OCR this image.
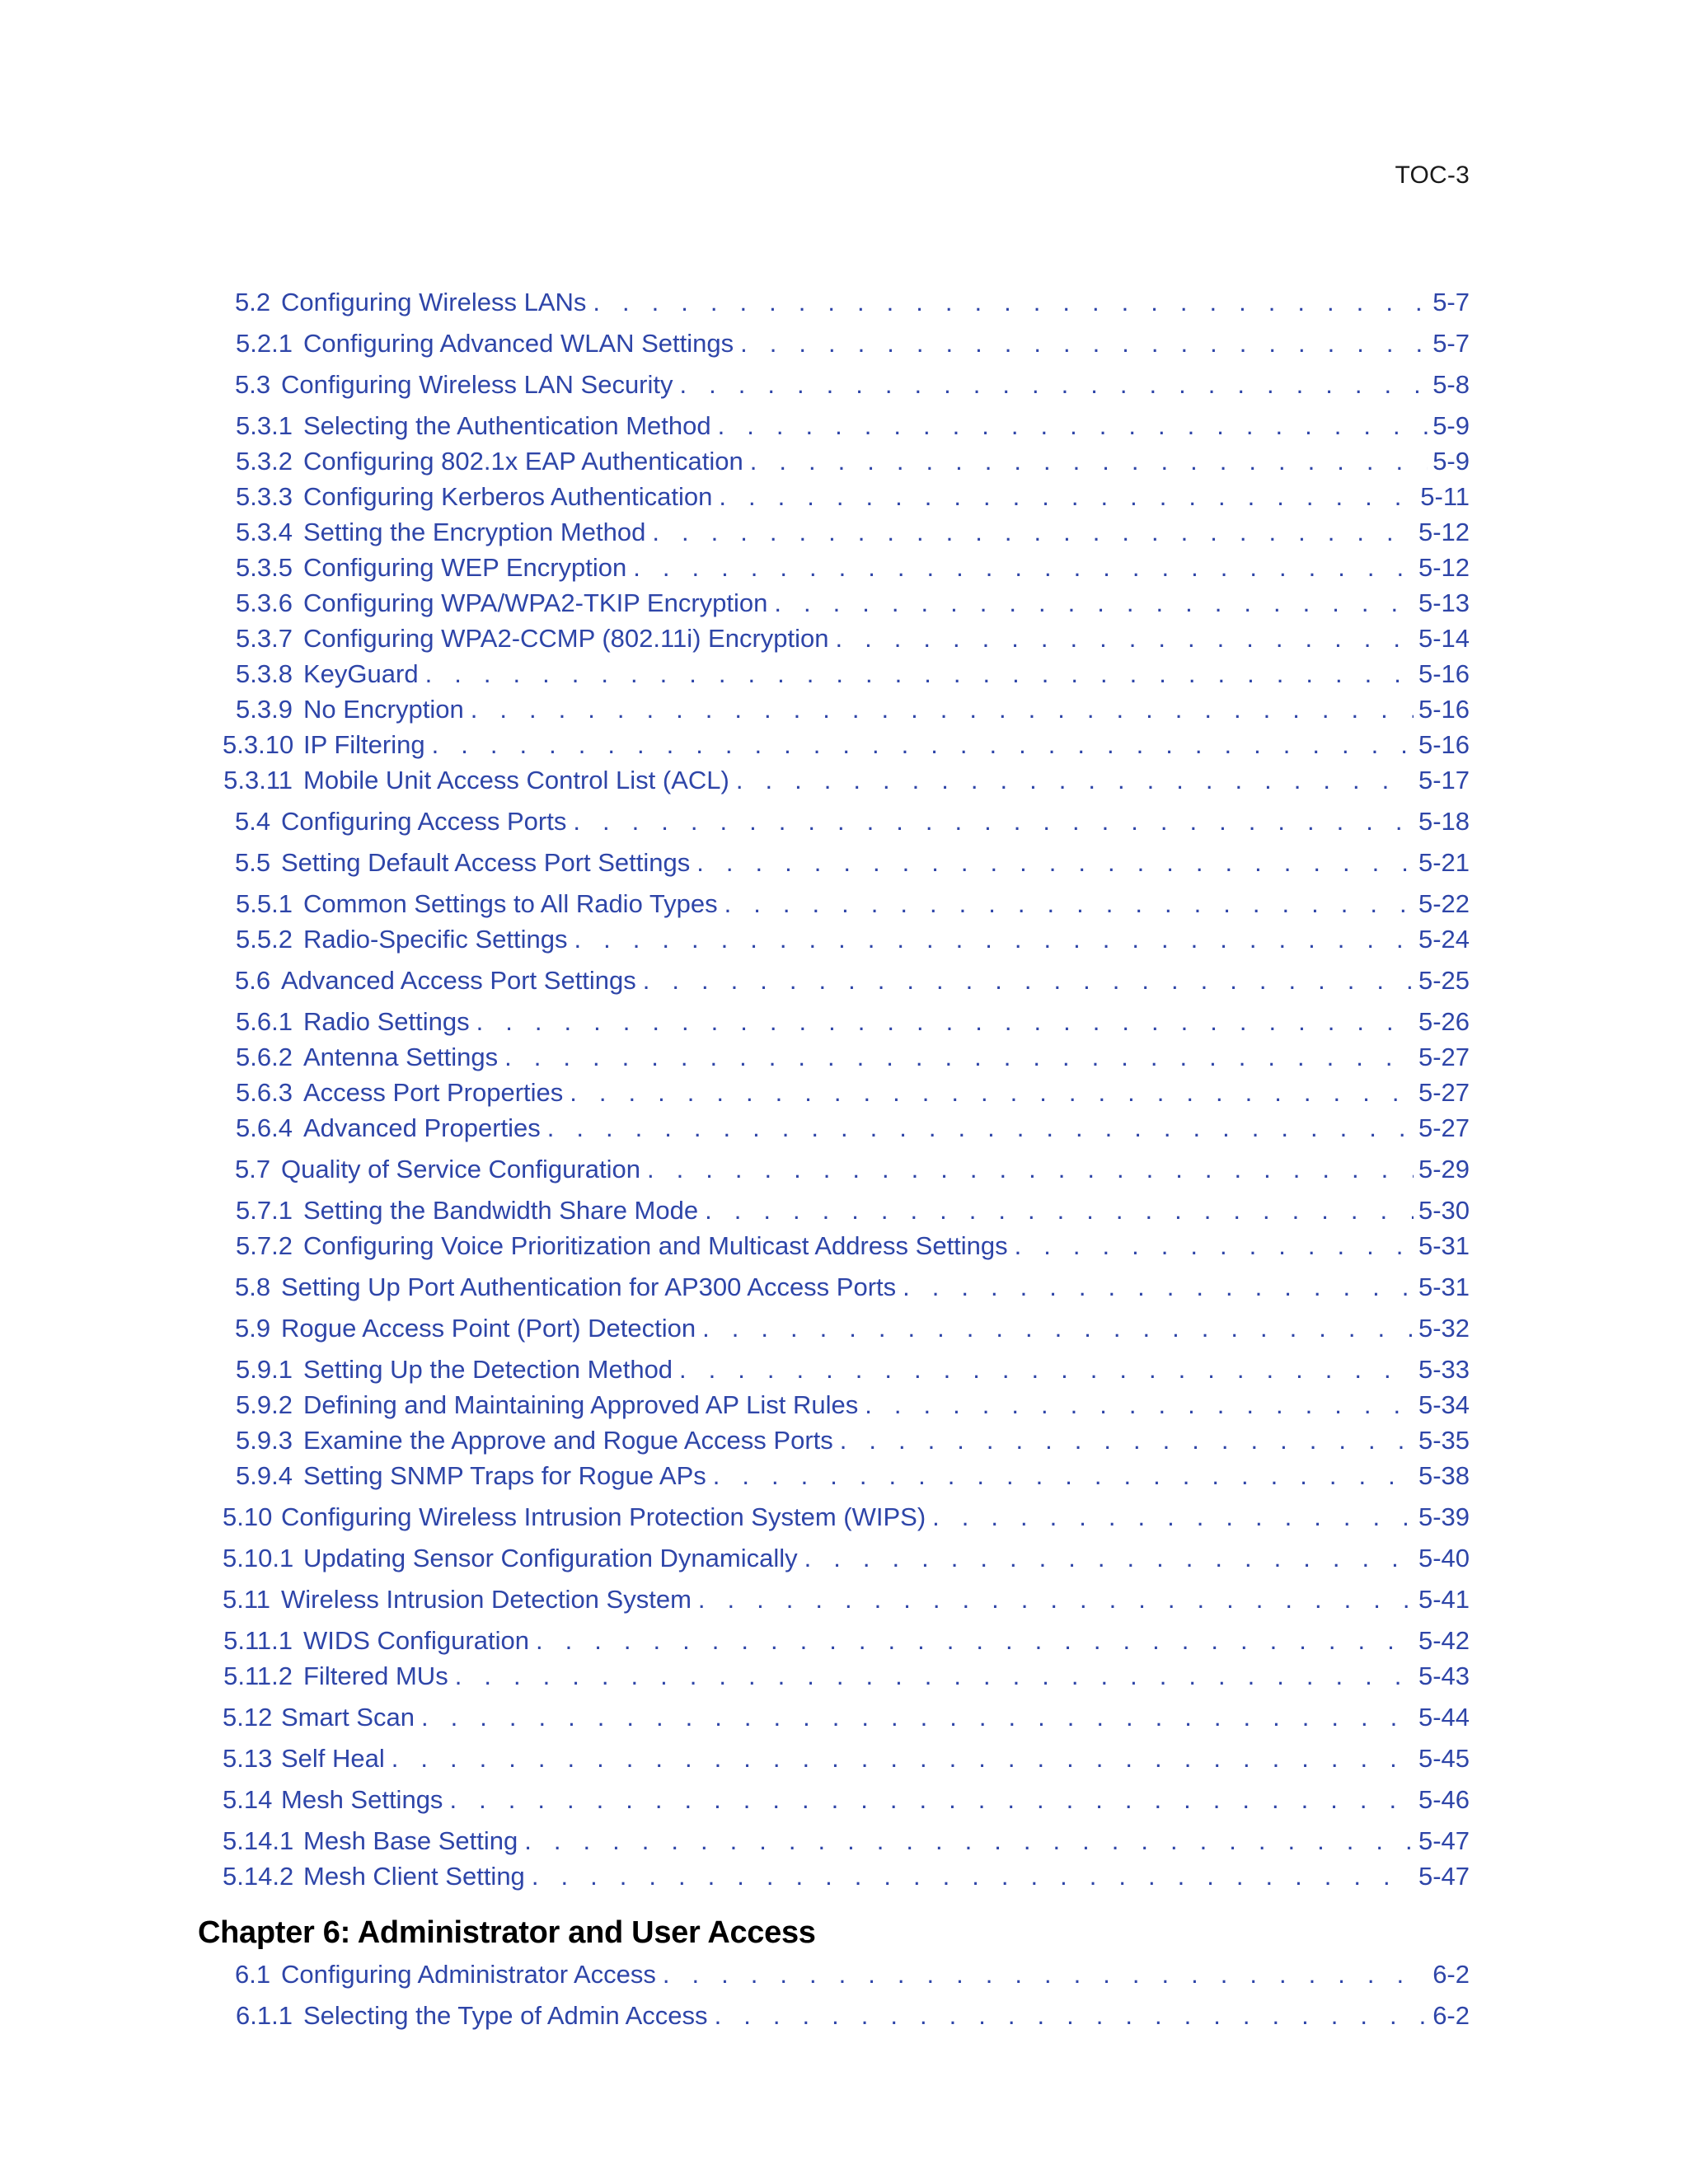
TOC-3
5.2 Configuring Wireless LANs . . .	5-7
5.2.1 Configuring Advanced WLAN Settings . . .	5-7
5.3 Configuring Wireless LAN Security . . .	5-8
5.3.1 Selecting the Authentication Method . . .	5-9
5.3.2 Configuring 802.1x EAP Authentication . . .	5-9
5.3.3 Configuring Kerberos Authentication . . .	5-11
5.3.4 Setting the Encryption Method . . .	5-12
5.3.5 Configuring WEP Encryption . . .	5-12
5.3.6 Configuring WPA/WPA2-TKIP Encryption . . .	5-13
5.3.7 Configuring WPA2-CCMP (802.11i) Encryption . . .	5-14
5.3.8 KeyGuard . . .	5-16
5.3.9 No Encryption . . .	5-16
5.3.10 IP Filtering . . .	5-16
5.3.11 Mobile Unit Access Control List (ACL) . . .	5-17
5.4 Configuring Access Ports . . .	5-18
5.5 Setting Default Access Port Settings . . .	5-21
5.5.1 Common Settings to All Radio Types . . .	5-22
5.5.2 Radio-Specific Settings . . .	5-24
5.6 Advanced Access Port Settings . . .	5-25
5.6.1 Radio Settings . . .	5-26
5.6.2 Antenna Settings . . .	5-27
5.6.3 Access Port Properties . . .	5-27
5.6.4 Advanced Properties . . .	5-27
5.7 Quality of Service Configuration . . .	5-29
5.7.1 Setting the Bandwidth Share Mode . . .	5-30
5.7.2 Configuring Voice Prioritization and Multicast Address Settings . . .	5-31
5.8 Setting Up Port Authentication for AP300 Access Ports . . .	5-31
5.9 Rogue Access Point (Port) Detection . . .	5-32
5.9.1 Setting Up the Detection Method . . .	5-33
5.9.2 Defining and Maintaining Approved AP List Rules . . .	5-34
5.9.3 Examine the Approve and Rogue Access Ports . . .	5-35
5.9.4 Setting SNMP Traps for Rogue APs . . .	5-38
5.10 Configuring Wireless Intrusion Protection System (WIPS) . . .	5-39
5.10.1 Updating Sensor Configuration Dynamically . . .	5-40
5.11 Wireless Intrusion Detection System . . .	5-41
5.11.1 WIDS Configuration . . .	5-42
5.11.2 Filtered MUs . . .	5-43
5.12 Smart Scan . . .	5-44
5.13 Self Heal . . .	5-45
5.14 Mesh Settings . . .	5-46
5.14.1 Mesh Base Setting . . .	5-47
5.14.2 Mesh Client Setting . . .	5-47
Chapter 6: Administrator and User Access
6.1 Configuring Administrator Access . . .	6-2
6.1.1 Selecting the Type of Admin Access . . .	6-2
